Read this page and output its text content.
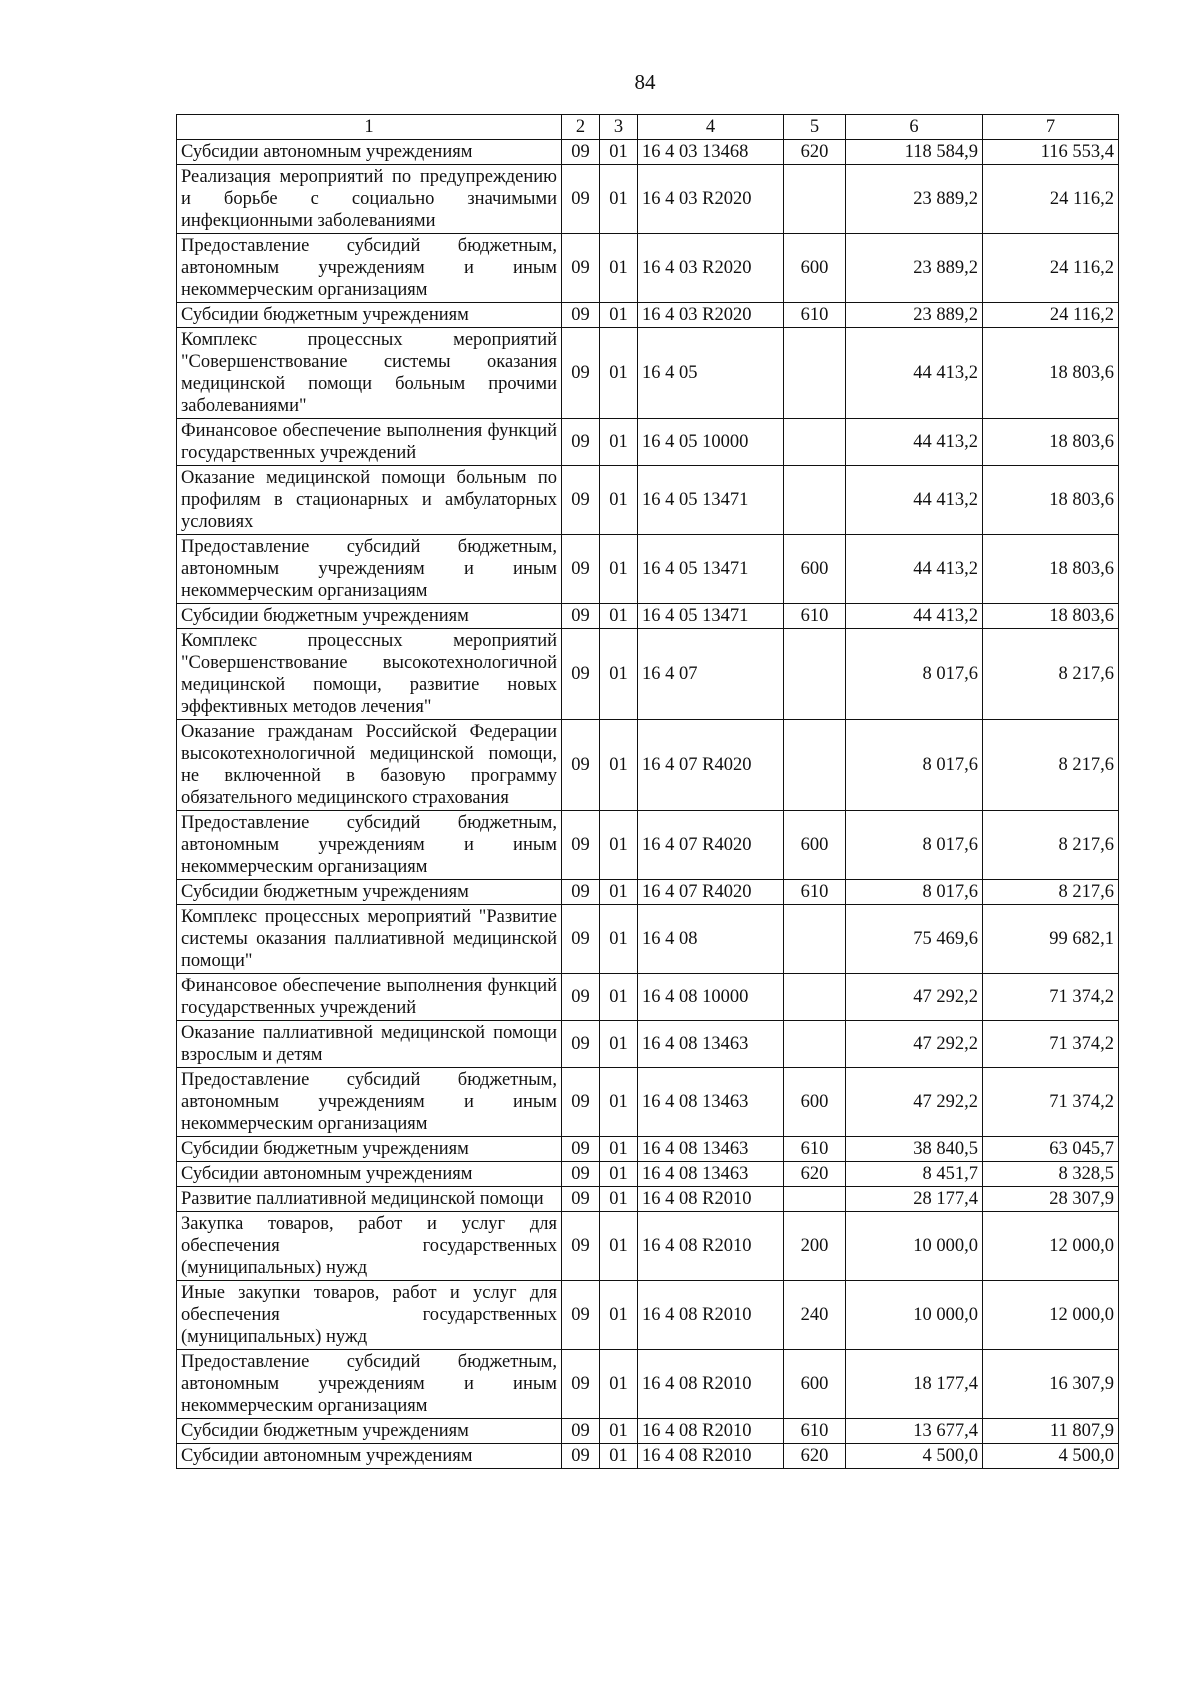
84
1	2	3	4	5	6	7
Субсидии автономным учреждениям	09	01	16 4 03 13468	620	118 584,9	116 553,4
Реализация мероприятий по предупреждению и борьбе с социально значимыми инфекционными заболеваниями	09	01	16 4 03 R2020		23 889,2	24 116,2
Предоставление субсидий бюджетным, автономным учреждениям и иным некоммерческим организациям	09	01	16 4 03 R2020	600	23 889,2	24 116,2
Субсидии бюджетным учреждениям	09	01	16 4 03 R2020	610	23 889,2	24 116,2
Комплекс процессных мероприятий "Совершенствование системы оказания медицинской помощи больным прочими заболеваниями"	09	01	16 4 05		44 413,2	18 803,6
Финансовое обеспечение выполнения функций государственных учреждений	09	01	16 4 05 10000		44 413,2	18 803,6
Оказание медицинской помощи больным по профилям в стационарных и амбулаторных условиях	09	01	16 4 05 13471		44 413,2	18 803,6
Предоставление субсидий бюджетным, автономным учреждениям и иным некоммерческим организациям	09	01	16 4 05 13471	600	44 413,2	18 803,6
Субсидии бюджетным учреждениям	09	01	16 4 05 13471	610	44 413,2	18 803,6
Комплекс процессных мероприятий "Совершенствование высокотехнологичной медицинской помощи, развитие новых эффективных методов лечения"	09	01	16 4 07		8 017,6	8 217,6
Оказание гражданам Российской Федерации высокотехнологичной медицинской помощи, не включенной в базовую программу обязательного медицинского страхования	09	01	16 4 07 R4020		8 017,6	8 217,6
Предоставление субсидий бюджетным, автономным учреждениям и иным некоммерческим организациям	09	01	16 4 07 R4020	600	8 017,6	8 217,6
Субсидии бюджетным учреждениям	09	01	16 4 07 R4020	610	8 017,6	8 217,6
Комплекс процессных мероприятий "Развитие системы оказания паллиативной медицинской помощи"	09	01	16 4 08		75 469,6	99 682,1
Финансовое обеспечение выполнения функций государственных учреждений	09	01	16 4 08 10000		47 292,2	71 374,2
Оказание паллиативной медицинской помощи взрослым и детям	09	01	16 4 08 13463		47 292,2	71 374,2
Предоставление субсидий бюджетным, автономным учреждениям и иным некоммерческим организациям	09	01	16 4 08 13463	600	47 292,2	71 374,2
Субсидии бюджетным учреждениям	09	01	16 4 08 13463	610	38 840,5	63 045,7
Субсидии автономным учреждениям	09	01	16 4 08 13463	620	8 451,7	8 328,5
Развитие паллиативной медицинской помощи	09	01	16 4 08 R2010		28 177,4	28 307,9
Закупка товаров, работ и услуг для обеспечения государственных (муниципальных) нужд	09	01	16 4 08 R2010	200	10 000,0	12 000,0
Иные закупки товаров, работ и услуг для обеспечения государственных (муниципальных) нужд	09	01	16 4 08 R2010	240	10 000,0	12 000,0
Предоставление субсидий бюджетным, автономным учреждениям и иным некоммерческим организациям	09	01	16 4 08 R2010	600	18 177,4	16 307,9
Субсидии бюджетным учреждениям	09	01	16 4 08 R2010	610	13 677,4	11 807,9
Субсидии автономным учреждениям	09	01	16 4 08 R2010	620	4 500,0	4 500,0
